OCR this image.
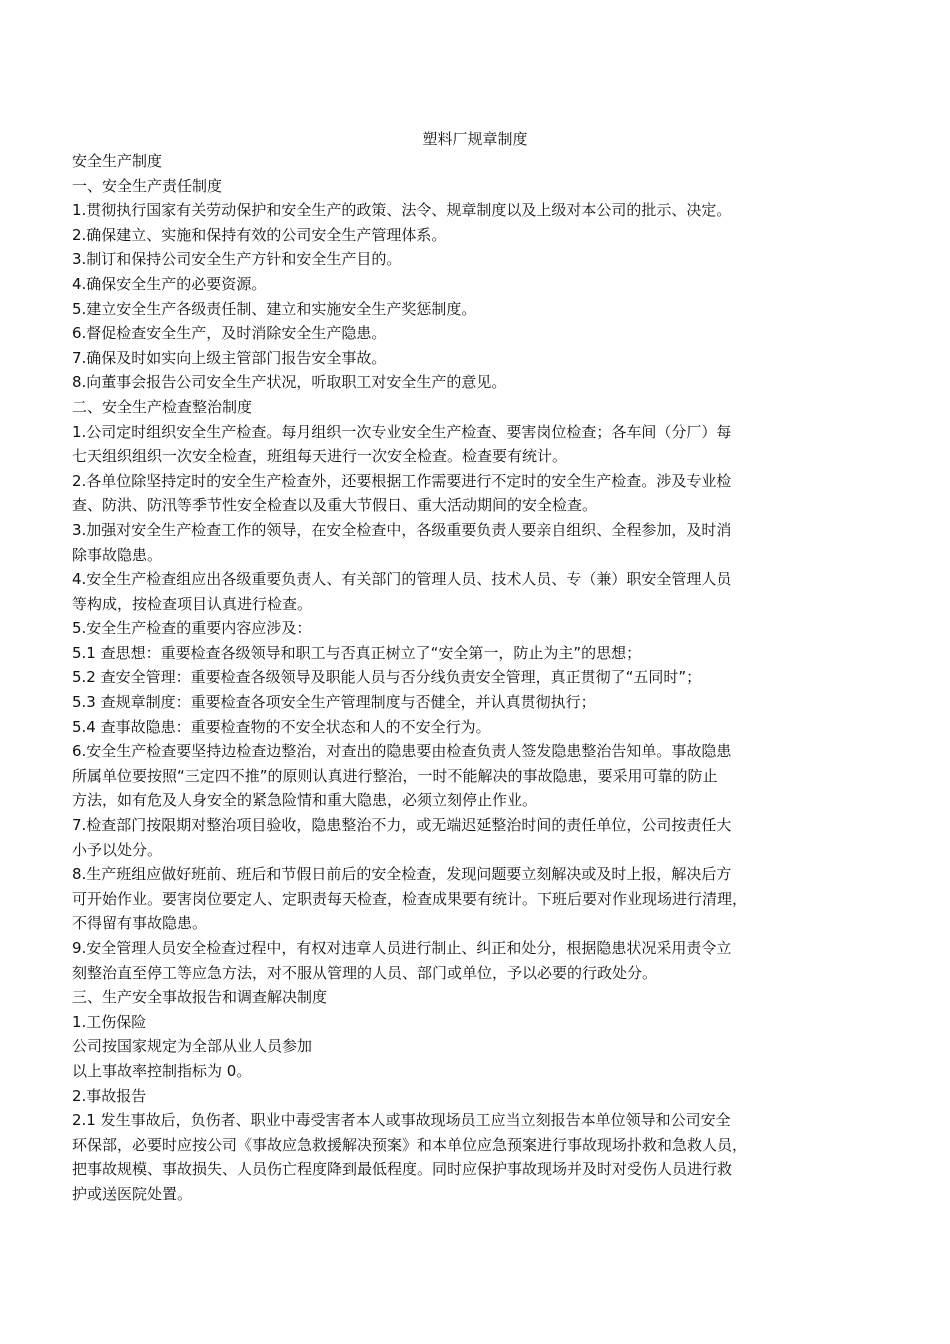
塑料厂规章制度
安全生产制度
一、安全生产责任制度
1.贯彻执行国家有关劳动保护和安全生产的政策、法令、规章制度以及上级对本公司的批示、决定。
2.确保建立、实施和保持有效的公司安全生产管理体系。
3.制订和保持公司安全生产方针和安全生产目的。
4.确保安全生产的必要资源。
5.建立安全生产各级责任制、建立和实施安全生产奖惩制度。
6.督促检查安全生产，及时消除安全生产隐患。
7.确保及时如实向上级主管部门报告安全事故。
8.向董事会报告公司安全生产状况，听取职工对安全生产的意见。
二、安全生产检查整治制度
1.公司定时组织安全生产检查。每月组织一次专业安全生产检查、要害岗位检查；各车间（分厂）每
七天组织组织一次安全检查，班组每天进行一次安全检查。检查要有统计。
2.各单位除坚持定时的安全生产检查外，还要根据工作需要进行不定时的安全生产检查。涉及专业检
查、防洪、防汛等季节性安全检查以及重大节假日、重大活动期间的安全检查。
3.加强对安全生产检查工作的领导，在安全检查中，各级重要负责人要亲自组织、全程参加，及时消
除事故隐患。
4.安全生产检查组应出各级重要负责人、有关部门的管理人员、技术人员、专（兼）职安全管理人员
等构成，按检查项目认真进行检查。
5.安全生产检查的重要内容应涉及：
5.1 查思想：重要检查各级领导和职工与否真正树立了“安全第一，防止为主”的思想；
5.2 查安全管理：重要检查各级领导及职能人员与否分线负责安全管理，真正贯彻了“五同时”；
5.3 查规章制度：重要检查各项安全生产管理制度与否健全，并认真贯彻执行；
5.4 查事故隐患：重要检查物的不安全状态和人的不安全行为。
6.安全生产检查要坚持边检查边整治，对查出的隐患要由检查负责人签发隐患整治告知单。事故隐患
所属单位要按照“三定四不推”的原则认真进行整治，一时不能解决的事故隐患，要采用可靠的防止
方法，如有危及人身安全的紧急险情和重大隐患，必须立刻停止作业。
7.检查部门按限期对整治项目验收，隐患整治不力，或无端迟延整治时间的责任单位，公司按责任大
小予以处分。
8.生产班组应做好班前、班后和节假日前后的安全检查，发现问题要立刻解决或及时上报，解决后方
可开始作业。要害岗位要定人、定职责每天检查，检查成果要有统计。下班后要对作业现场进行清理，
不得留有事故隐患。
9.安全管理人员安全检查过程中，有权对违章人员进行制止、纠正和处分，根据隐患状况采用责令立
刻整治直至停工等应急方法，对不服从管理的人员、部门或单位，予以必要的行政处分。
三、生产安全事故报告和调查解决制度
1.工伤保险
公司按国家规定为全部从业人员参加
以上事故率控制指标为 0。
2.事故报告
2.1 发生事故后，负伤者、职业中毒受害者本人或事故现场员工应当立刻报告本单位领导和公司安全
环保部，必要时应按公司《事故应急救援解决预案》和本单位应急预案进行事故现场扑救和急救人员，
把事故规模、事故损失、人员伤亡程度降到最低程度。同时应保护事故现场并及时对受伤人员进行救
护或送医院处置。
